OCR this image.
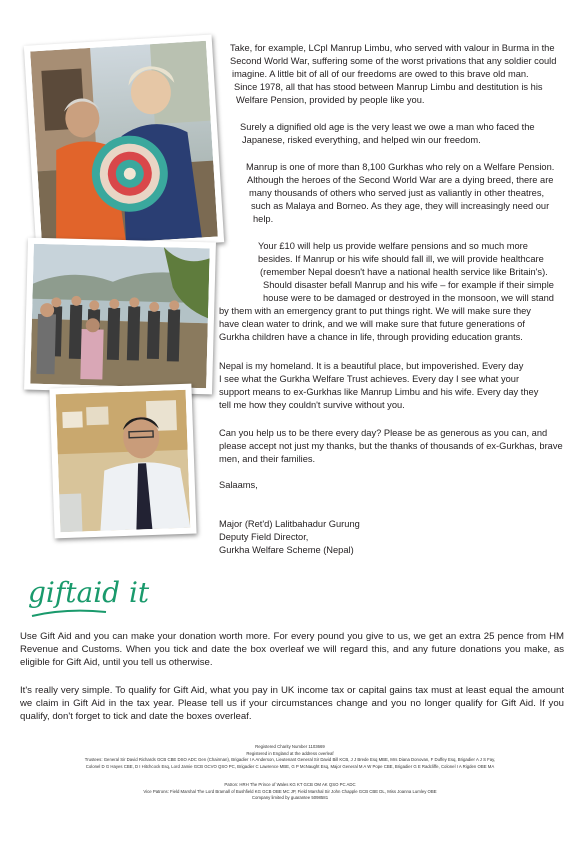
Take, for example, LCpl Manrup Limbu, who served with valour in Burma in the
Second World War, suffering some of the worst privations that any soldier could
imagine. A little bit of all of our freedoms are owed to this brave old man.
Since 1978, all that has stood between Manrup Limbu and destitution is his
Welfare Pension, provided by people like you.
Surely a dignified old age is the very least we owe a man who faced the
Japanese, risked everything, and helped win our freedom.
Manrup is one of more than 8,100 Gurkhas who rely on a Welfare Pension.
Although the heroes of the Second World War are a dying breed, there are
many thousands of others who served just as valiantly in other theatres,
such as Malaya and Borneo. As they age, they will increasingly need our
help.
Your £10 will help us provide welfare pensions and so much more
besides. If Manrup or his wife should fall ill, we will provide healthcare
(remember Nepal doesn't have a national health service like Britain's).
Should disaster befall Manrup and his wife – for example if their simple
house were to be damaged or destroyed in the monsoon, we will stand
by them with an emergency grant to put things right. We will make sure they
have clean water to drink, and we will make sure that future generations of
Gurkha children have a chance in life, through providing education grants.
Nepal is my homeland. It is a beautiful place, but impoverished. Every day
I see what the Gurkha Welfare Trust achieves. Every day I see what your
support means to ex-Gurkhas like Manrup Limbu and his wife. Every day they
tell me how they couldn't survive without you.
Can you help us to be there every day? Please be as generous as you can, and
please accept not just my thanks, but the thanks of thousands of ex-Gurkhas, brave
men, and their families.
Salaams,
Major (Ret'd) Lalitbahadur Gurung
Deputy Field Director,
Gurkha Welfare Scheme (Nepal)
giftaid it

Use Gift Aid and you can make your donation worth more. For every pound you give to us, we get an extra 25 pence from HM Revenue and Customs. When you tick and date the box overleaf we will regard this, and any future donations you make, as eligible for Gift Aid, until you tell us otherwise.

It's really very simple. To qualify for Gift Aid, what you pay in UK income tax or capital gains tax must at least equal the amount we claim in Gift Aid in the tax year. Please tell us if your circumstances change and you no longer qualify for Gift Aid. If you qualify, don't forget to tick and date the boxes overleaf.

Registered Charity Number 1103669
Registered in England at the address overleaf
Trustees: General Sir David Richards GCB CBE DSO ADC Gen (Chairman), Brigadier I A Anderson, Lieutenant General Sir David Bill KCB, J J Brede Esq MBE, Mrs Diana Donovan, F Duffey Esq, Brigadier A J S Fay,
Colonel D G Hayes CBE, D I Hitchcock Esq, Lord Jamie GCB GCVO QSO PC, Brigadier C Lawrence MBE, G P McNaught Esq, Major General M A W Pope CBE, Brigadier G E Radcliffe, Colonel I A Rigden OBE MA
Patron: HRH The Prince of Wales KG KT GCB OM AK QSO PC ADC
Vice Patrons: Field Marshal The Lord Bramall of Bushfield KG GCB OBE MC JP, Field Marshal Sir John Chapple GCB CBE DL, Miss Joanna Lumley OBE
Company limited by guarantee 5098581
